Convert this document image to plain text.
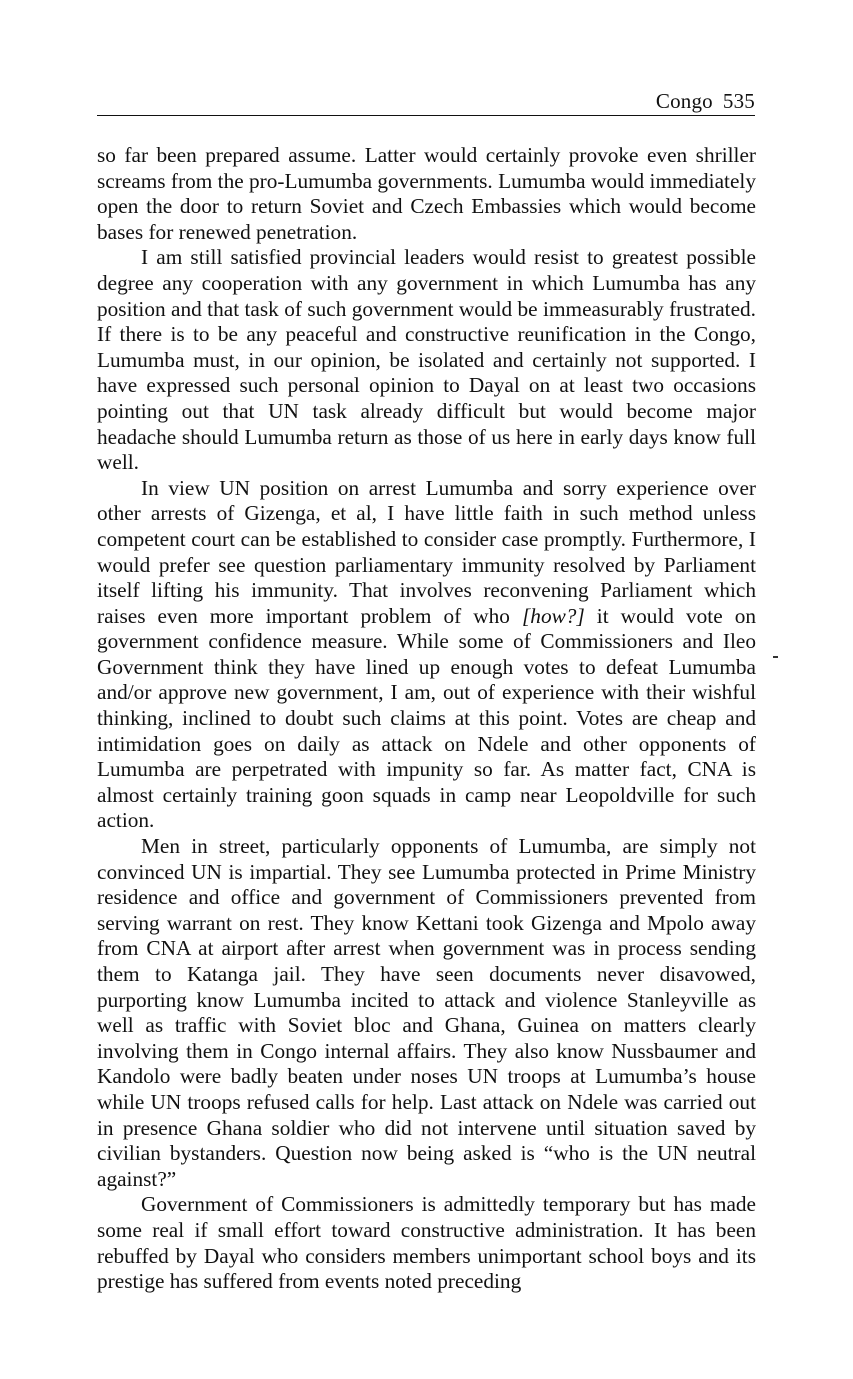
Congo 535

so far been prepared assume. Latter would certainly provoke even shriller screams from the pro-Lumumba governments. Lumumba would immediately open the door to return Soviet and Czech Embassies which would become bases for renewed penetration.

I am still satisfied provincial leaders would resist to greatest possible degree any cooperation with any government in which Lumumba has any position and that task of such government would be immeasurably frustrated. If there is to be any peaceful and constructive reunification in the Congo, Lumumba must, in our opinion, be isolated and certainly not supported. I have expressed such personal opinion to Dayal on at least two occasions pointing out that UN task already difficult but would become major headache should Lumumba return as those of us here in early days know full well.

In view UN position on arrest Lumumba and sorry experience over other arrests of Gizenga, et al, I have little faith in such method unless competent court can be established to consider case promptly. Furthermore, I would prefer see question parliamentary immunity resolved by Parliament itself lifting his immunity. That involves reconvening Parliament which raises even more important problem of who [how?] it would vote on government confidence measure. While some of Commissioners and Ileo Government think they have lined up enough votes to defeat Lumumba and/or approve new government, I am, out of experience with their wishful thinking, inclined to doubt such claims at this point. Votes are cheap and intimidation goes on daily as attack on Ndele and other opponents of Lumumba are perpetrated with impunity so far. As matter fact, CNA is almost certainly training goon squads in camp near Leopoldville for such action.

Men in street, particularly opponents of Lumumba, are simply not convinced UN is impartial. They see Lumumba protected in Prime Ministry residence and office and government of Commissioners prevented from serving warrant on rest. They know Kettani took Gizenga and Mpolo away from CNA at airport after arrest when government was in process sending them to Katanga jail. They have seen documents never disavowed, purporting know Lumumba incited to attack and violence Stanleyville as well as traffic with Soviet bloc and Ghana, Guinea on matters clearly involving them in Congo internal affairs. They also know Nussbaumer and Kandolo were badly beaten under noses UN troops at Lumumba’s house while UN troops refused calls for help. Last attack on Ndele was carried out in presence Ghana soldier who did not intervene until situation saved by civilian bystanders. Question now being asked is “who is the UN neutral against?”

Government of Commissioners is admittedly temporary but has made some real if small effort toward constructive administration. It has been rebuffed by Dayal who considers members unimportant school boys and its prestige has suffered from events noted preceding
